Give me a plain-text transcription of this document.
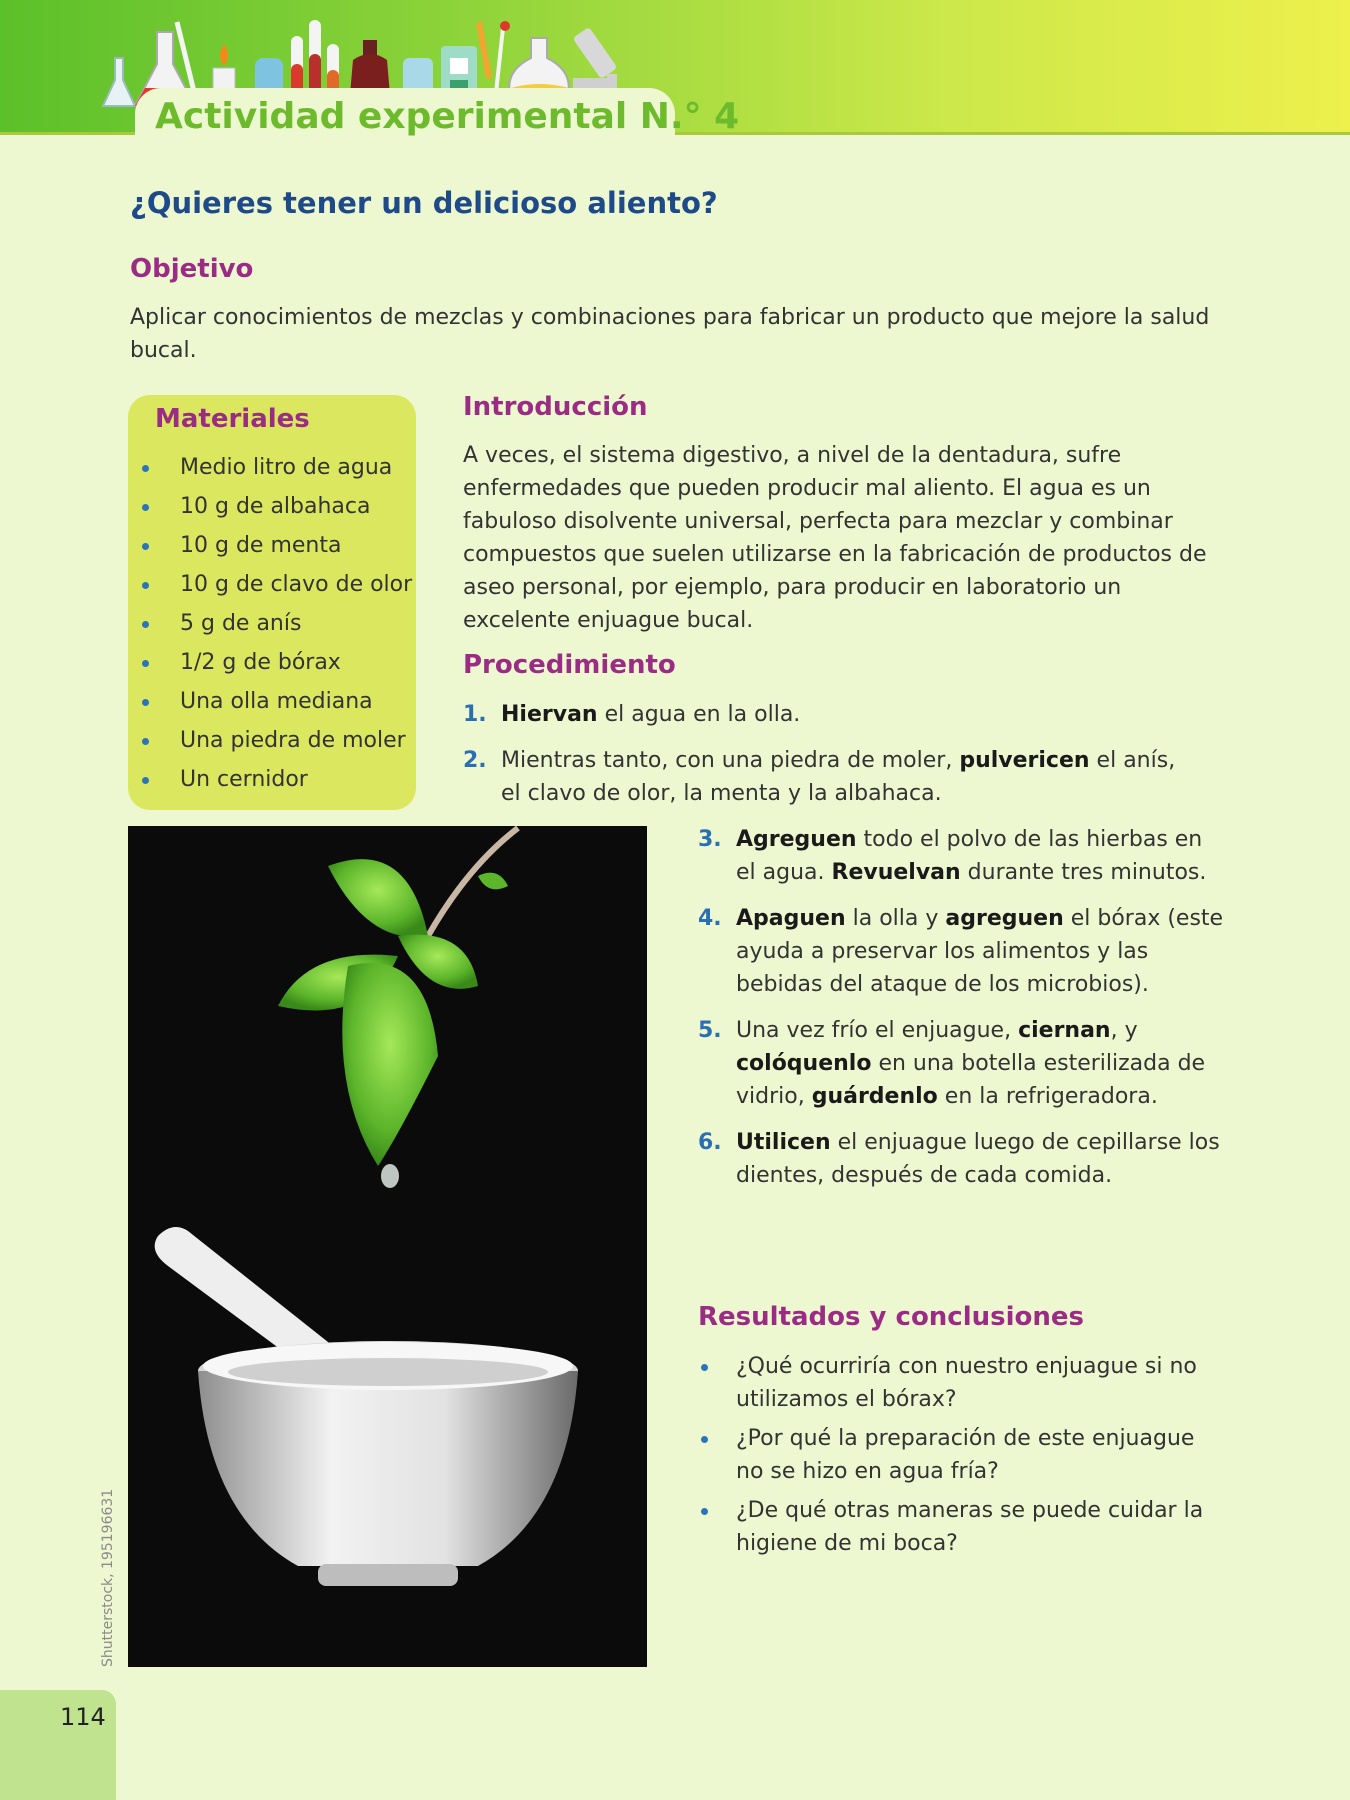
Actividad experimental N.° 4
¿Quieres tener un delicioso aliento?
Objetivo
Aplicar conocimientos de mezclas y combinaciones para fabricar un producto que mejore la salud bucal.
Materiales
Medio litro de agua
10 g de albahaca
10 g de menta
10 g de clavo de olor
5 g de anís
1/2 g de bórax
Una olla mediana
Una piedra de moler
Un cernidor
Introducción
A veces, el sistema digestivo, a nivel de la dentadura, sufre enfermedades que pueden producir mal aliento. El agua es un fabuloso disolvente universal, perfecta para mezclar y combinar compuestos que suelen utilizarse en la fabricación de productos de aseo personal, por ejemplo, para producir en laboratorio un excelente enjuague bucal.
Procedimiento
1. Hiervan el agua en la olla.
2. Mientras tanto, con una piedra de moler, pulvericen el anís, el clavo de olor, la menta y la albahaca.
3. Agreguen todo el polvo de las hierbas en el agua. Revuelvan durante tres minutos.
4. Apaguen la olla y agreguen el bórax (este ayuda a preservar los alimentos y las bebidas del ataque de los microbios).
5. Una vez frío el enjuague, ciernan, y colóquenlo en una botella esterilizada de vidrio, guárdenlo en la refrigeradora.
6. Utilicen el enjuague luego de cepillarse los dientes, después de cada comida.
Resultados y conclusiones
¿Qué ocurriría con nuestro enjuague si no utilizamos el bórax?
¿Por qué la preparación de este enjuague no se hizo en agua fría?
¿De qué otras maneras se puede cuidar la higiene de mi boca?
Shutterstock, 195196631
114
